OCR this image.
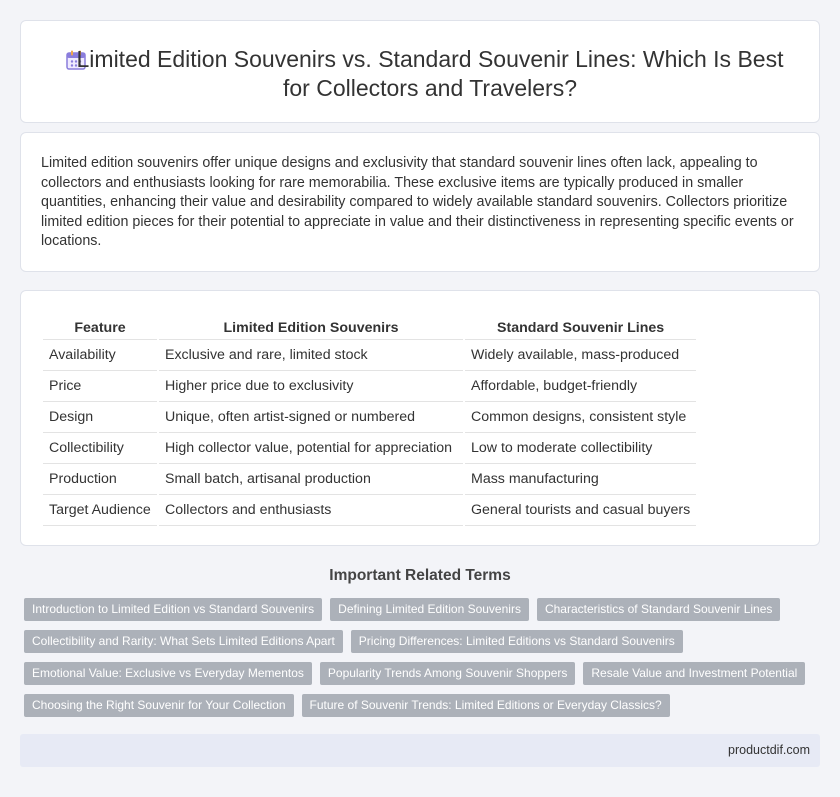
Limited Edition Souvenirs vs. Standard Souvenir Lines: Which Is Best for Collectors and Travelers?

Limited edition souvenirs offer unique designs and exclusivity that standard souvenir lines often lack, appealing to collectors and enthusiasts looking for rare memorabilia. These exclusive items are typically produced in smaller quantities, enhancing their value and desirability compared to widely available standard souvenirs. Collectors prioritize limited edition pieces for their potential to appreciate in value and their distinctiveness in representing specific events or locations.

Feature	Limited Edition Souvenirs	Standard Souvenir Lines
Availability	Exclusive and rare, limited stock	Widely available, mass-produced
Price	Higher price due to exclusivity	Affordable, budget-friendly
Design	Unique, often artist-signed or numbered	Common designs, consistent style
Collectibility	High collector value, potential for appreciation	Low to moderate collectibility
Production	Small batch, artisanal production	Mass manufacturing
Target Audience	Collectors and enthusiasts	General tourists and casual buyers
Important Related Terms
Introduction to Limited Edition vs Standard Souvenirs	Defining Limited Edition Souvenirs	Characteristics of Standard Souvenir Lines
Collectibility and Rarity: What Sets Limited Editions Apart	Pricing Differences: Limited Editions vs Standard Souvenirs
Emotional Value: Exclusive vs Everyday Mementos	Popularity Trends Among Souvenir Shoppers	Resale Value and Investment Potential
Choosing the Right Souvenir for Your Collection	Future of Souvenir Trends: Limited Editions or Everyday Classics?
productdif.com
